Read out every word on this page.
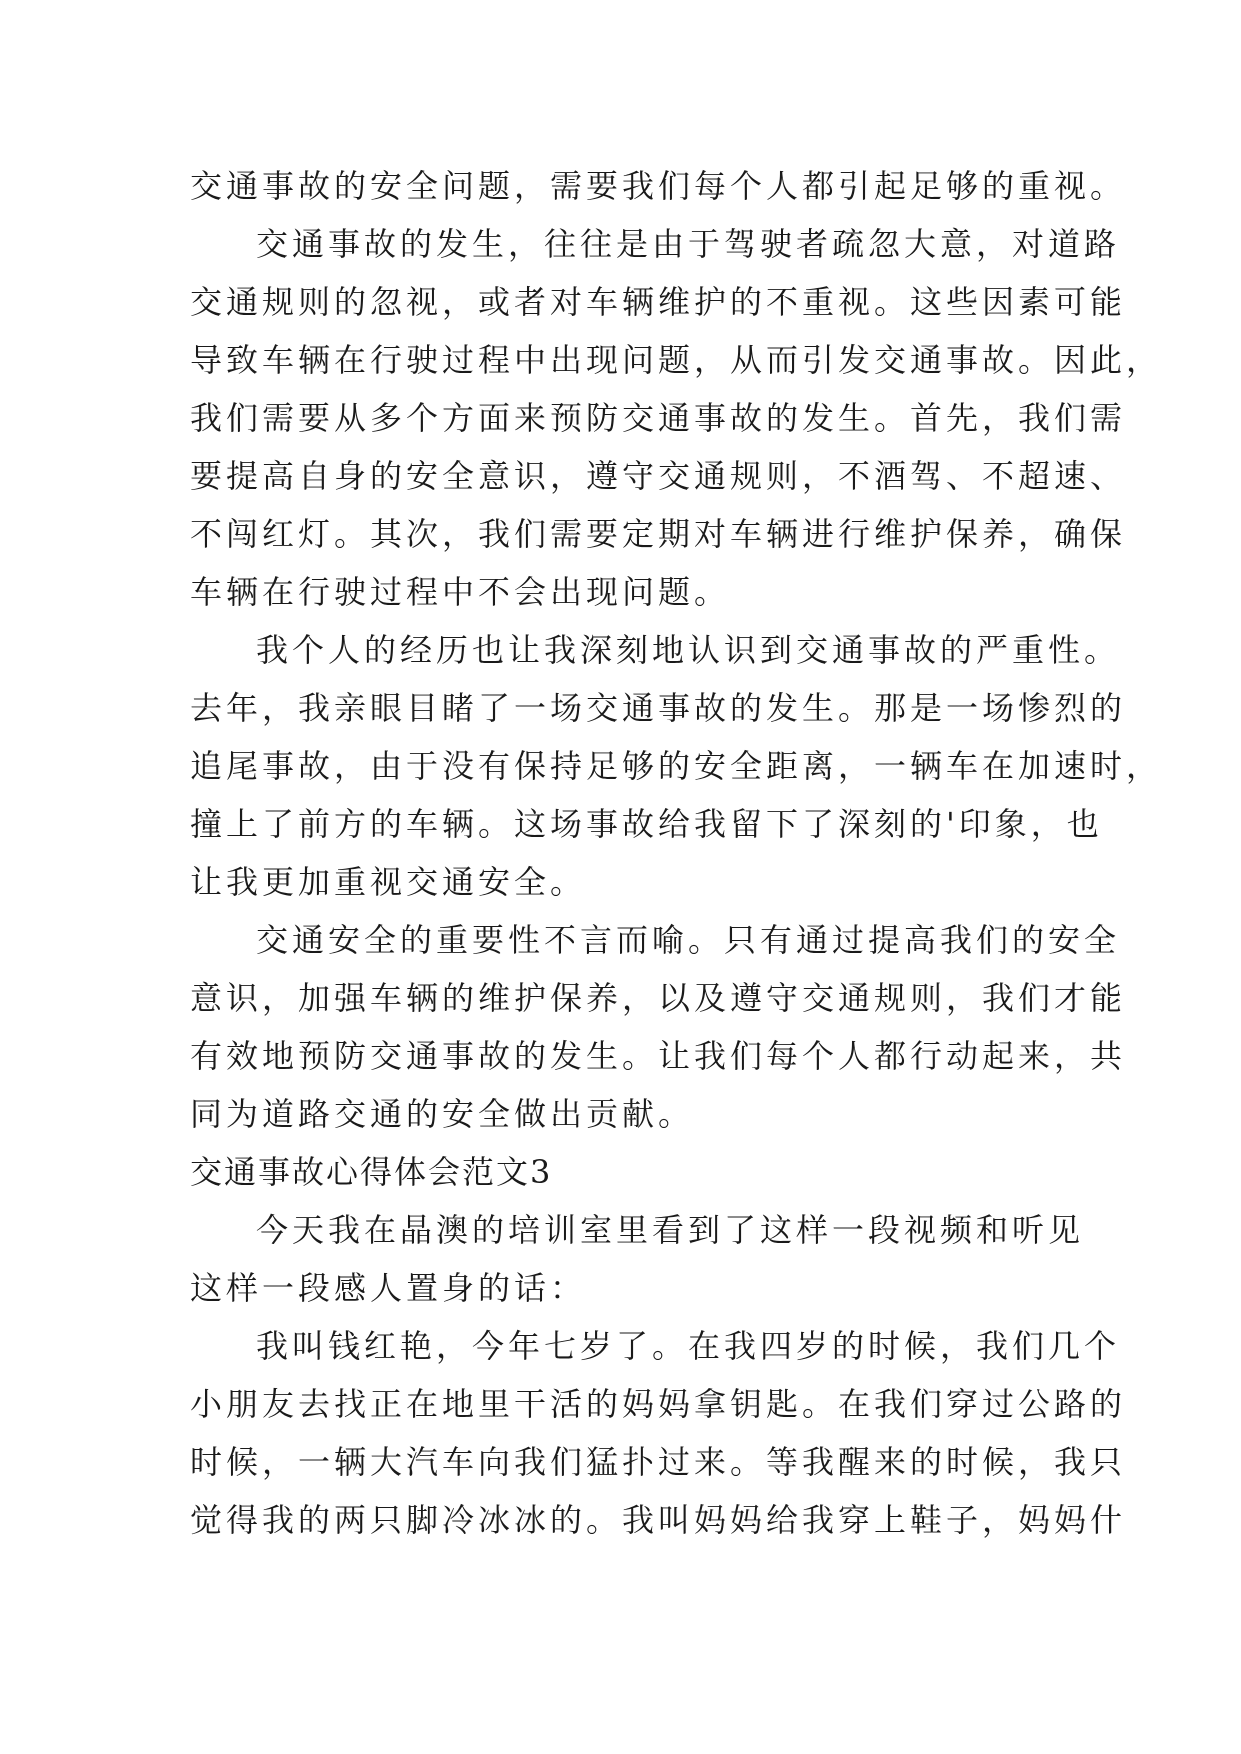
交通事故的安全问题，需要我们每个人都引起足够的重视。
交通事故的发生，往往是由于驾驶者疏忽大意，对道路
交通规则的忽视，或者对车辆维护的不重视。这些因素可能
导致车辆在行驶过程中出现问题，从而引发交通事故。因此，
我们需要从多个方面来预防交通事故的发生。首先，我们需
要提高自身的安全意识，遵守交通规则，不酒驾、不超速、
不闯红灯。其次，我们需要定期对车辆进行维护保养，确保
车辆在行驶过程中不会出现问题。
我个人的经历也让我深刻地认识到交通事故的严重性。
去年，我亲眼目睹了一场交通事故的发生。那是一场惨烈的
追尾事故，由于没有保持足够的安全距离，一辆车在加速时，
撞上了前方的车辆。这场事故给我留下了深刻的'印象，也
让我更加重视交通安全。
交通安全的重要性不言而喻。只有通过提高我们的安全
意识，加强车辆的维护保养，以及遵守交通规则，我们才能
有效地预防交通事故的发生。让我们每个人都行动起来，共
同为道路交通的安全做出贡献。
交通事故心得体会范文3
今天我在晶澳的培训室里看到了这样一段视频和听见
这样一段感人置身的话：
我叫钱红艳，今年七岁了。在我四岁的时候，我们几个
小朋友去找正在地里干活的妈妈拿钥匙。在我们穿过公路的
时候，一辆大汽车向我们猛扑过来。等我醒来的时候，我只
觉得我的两只脚冷冰冰的。我叫妈妈给我穿上鞋子，妈妈什
